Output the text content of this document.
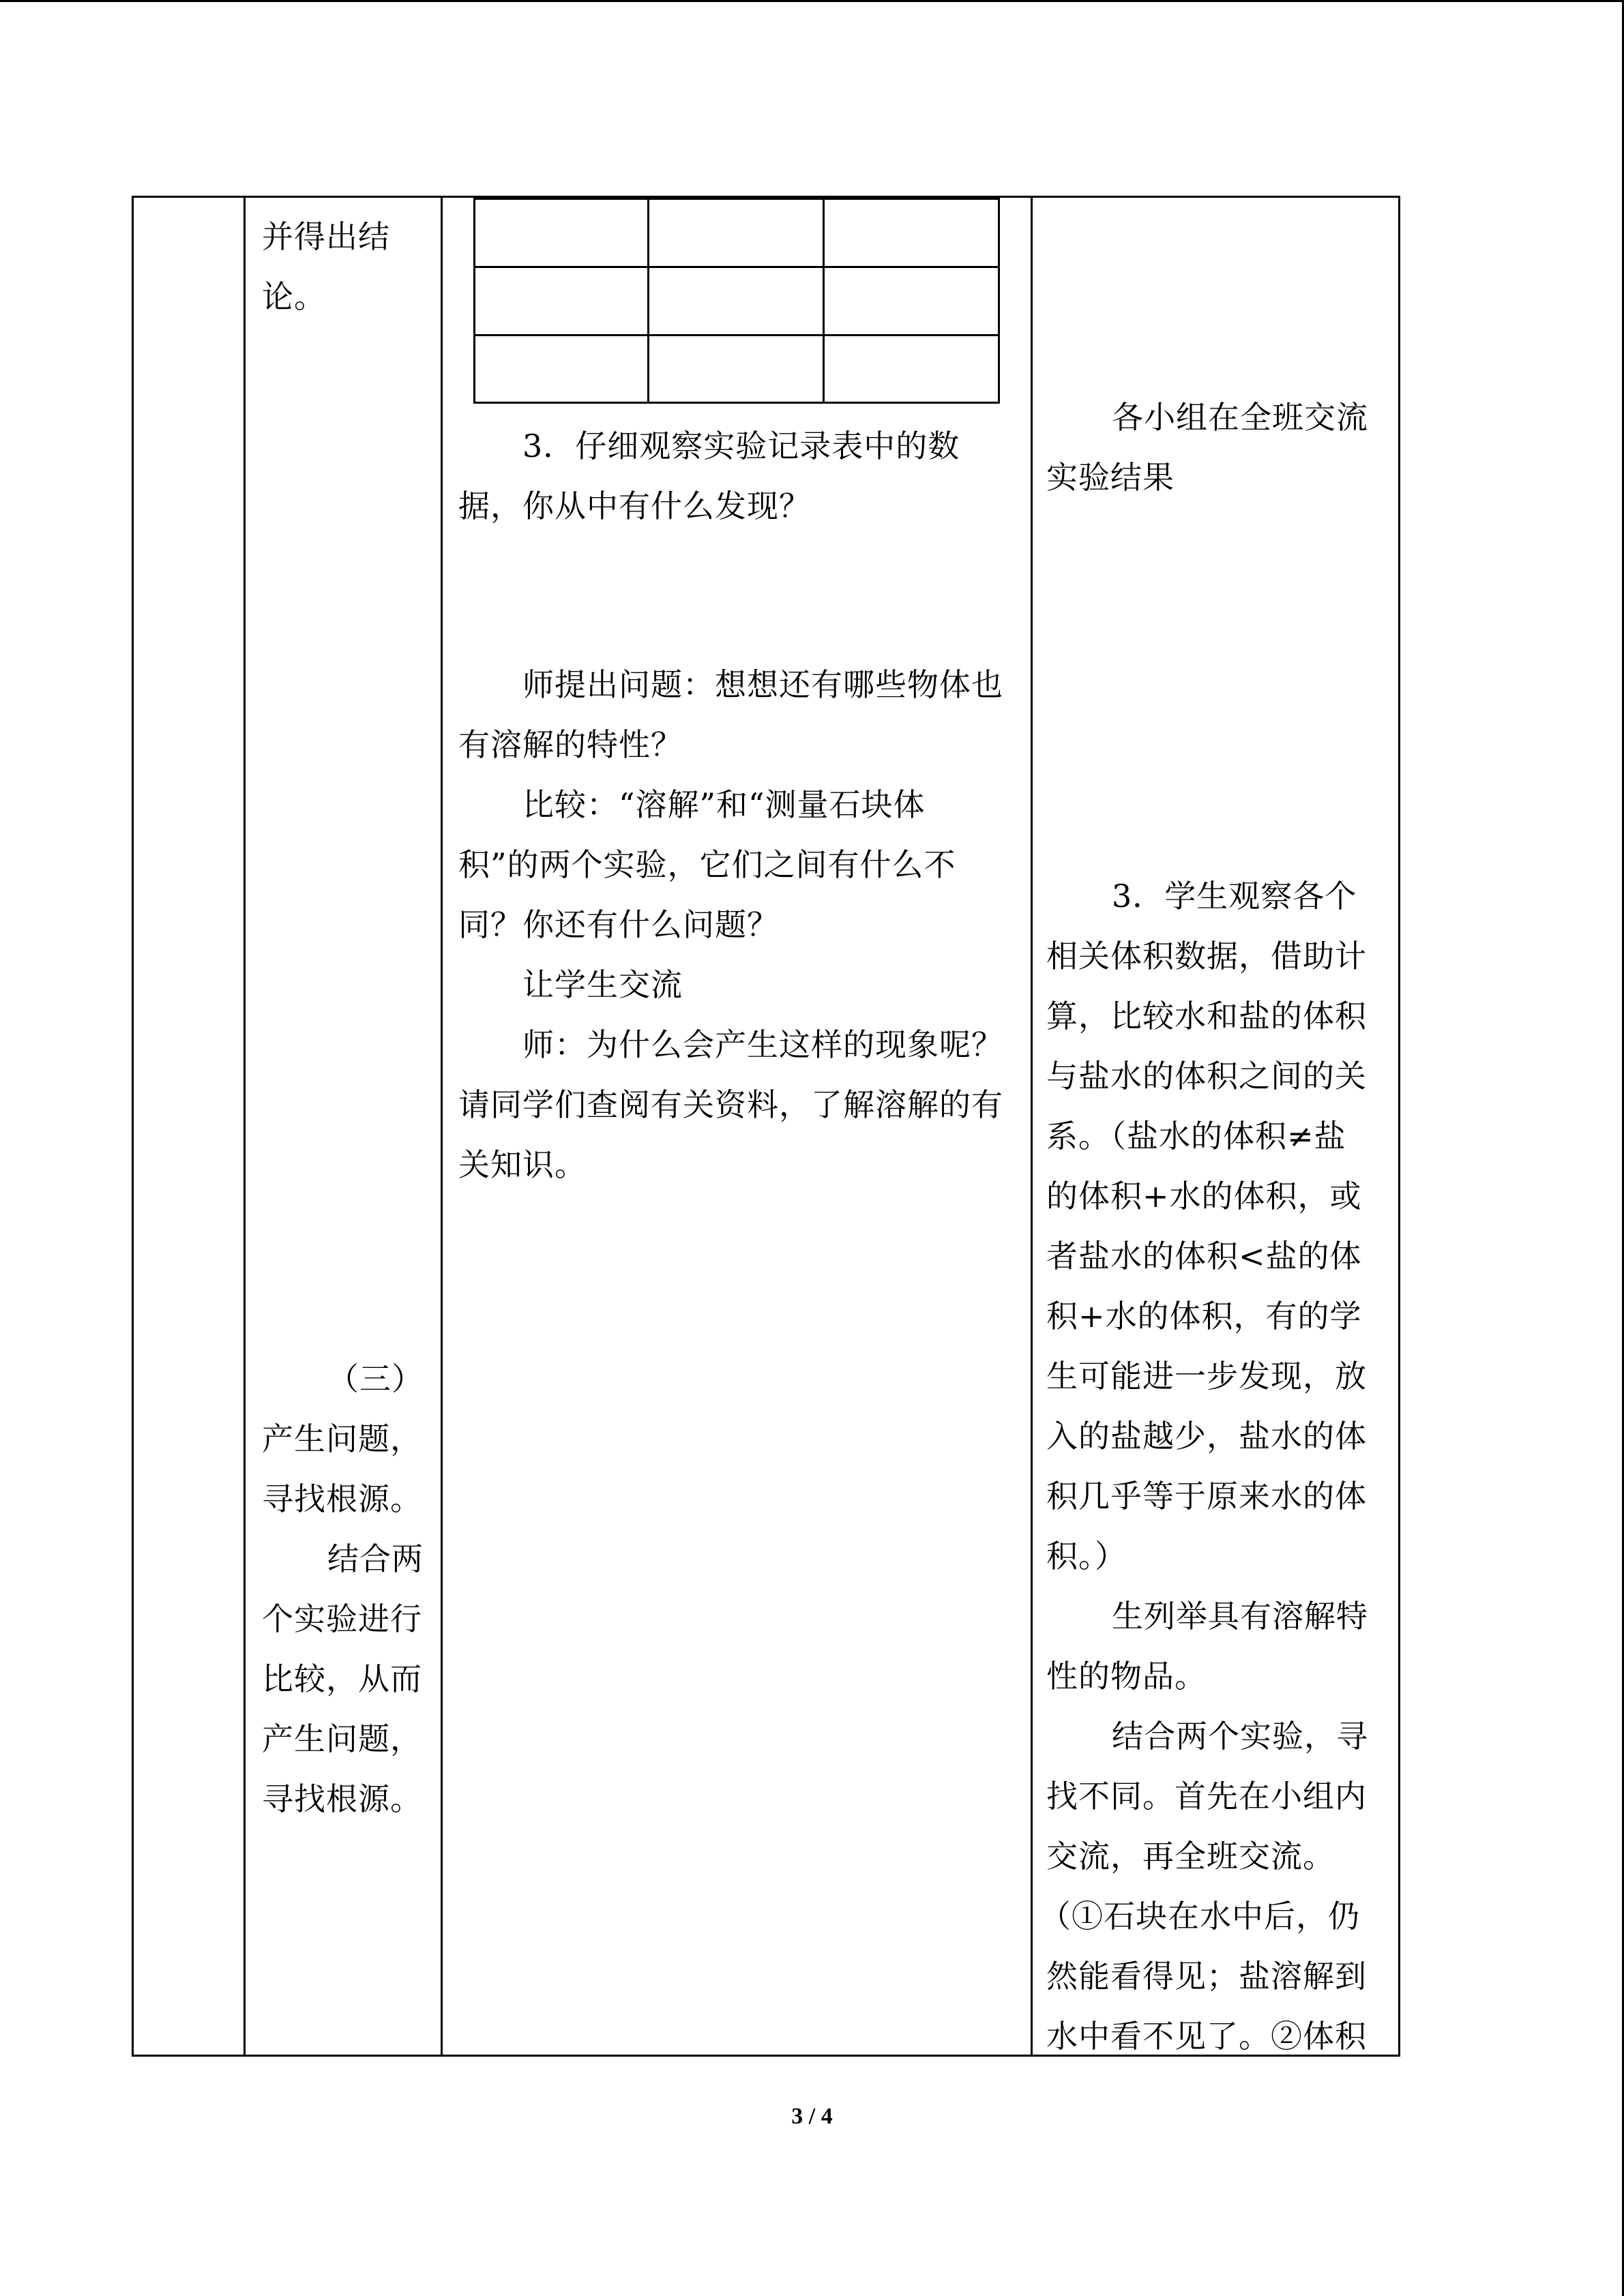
并得出结
论。
（三）
产生问题，
寻找根源。
结合两
个实验进行
比较，从而
产生问题，
寻找根源。
3．仔细观察实验记录表中的数
据，你从中有什么发现？
师提出问题：想想还有哪些物体也
有溶解的特性？
比较：“溶解”和“测量石块体
积”的两个实验，它们之间有什么不
同？你还有什么问题？
让学生交流
师：为什么会产生这样的现象呢？
请同学们查阅有关资料，了解溶解的有
关知识。
各小组在全班交流
实验结果
3．学生观察各个
相关体积数据，借助计
算，比较水和盐的体积
与盐水的体积之间的关
系。（盐水的体积≠盐
的体积+水的体积，或
者盐水的体积<盐的体
积+水的体积，有的学
生可能进一步发现，放
入的盐越少，盐水的体
积几乎等于原来水的体
积。）
生列举具有溶解特
性的物品。
结合两个实验，寻
找不同。首先在小组内
交流，再全班交流。
（①石块在水中后，仍
然能看得见；盐溶解到
水中看不见了。②体积
3 / 4
